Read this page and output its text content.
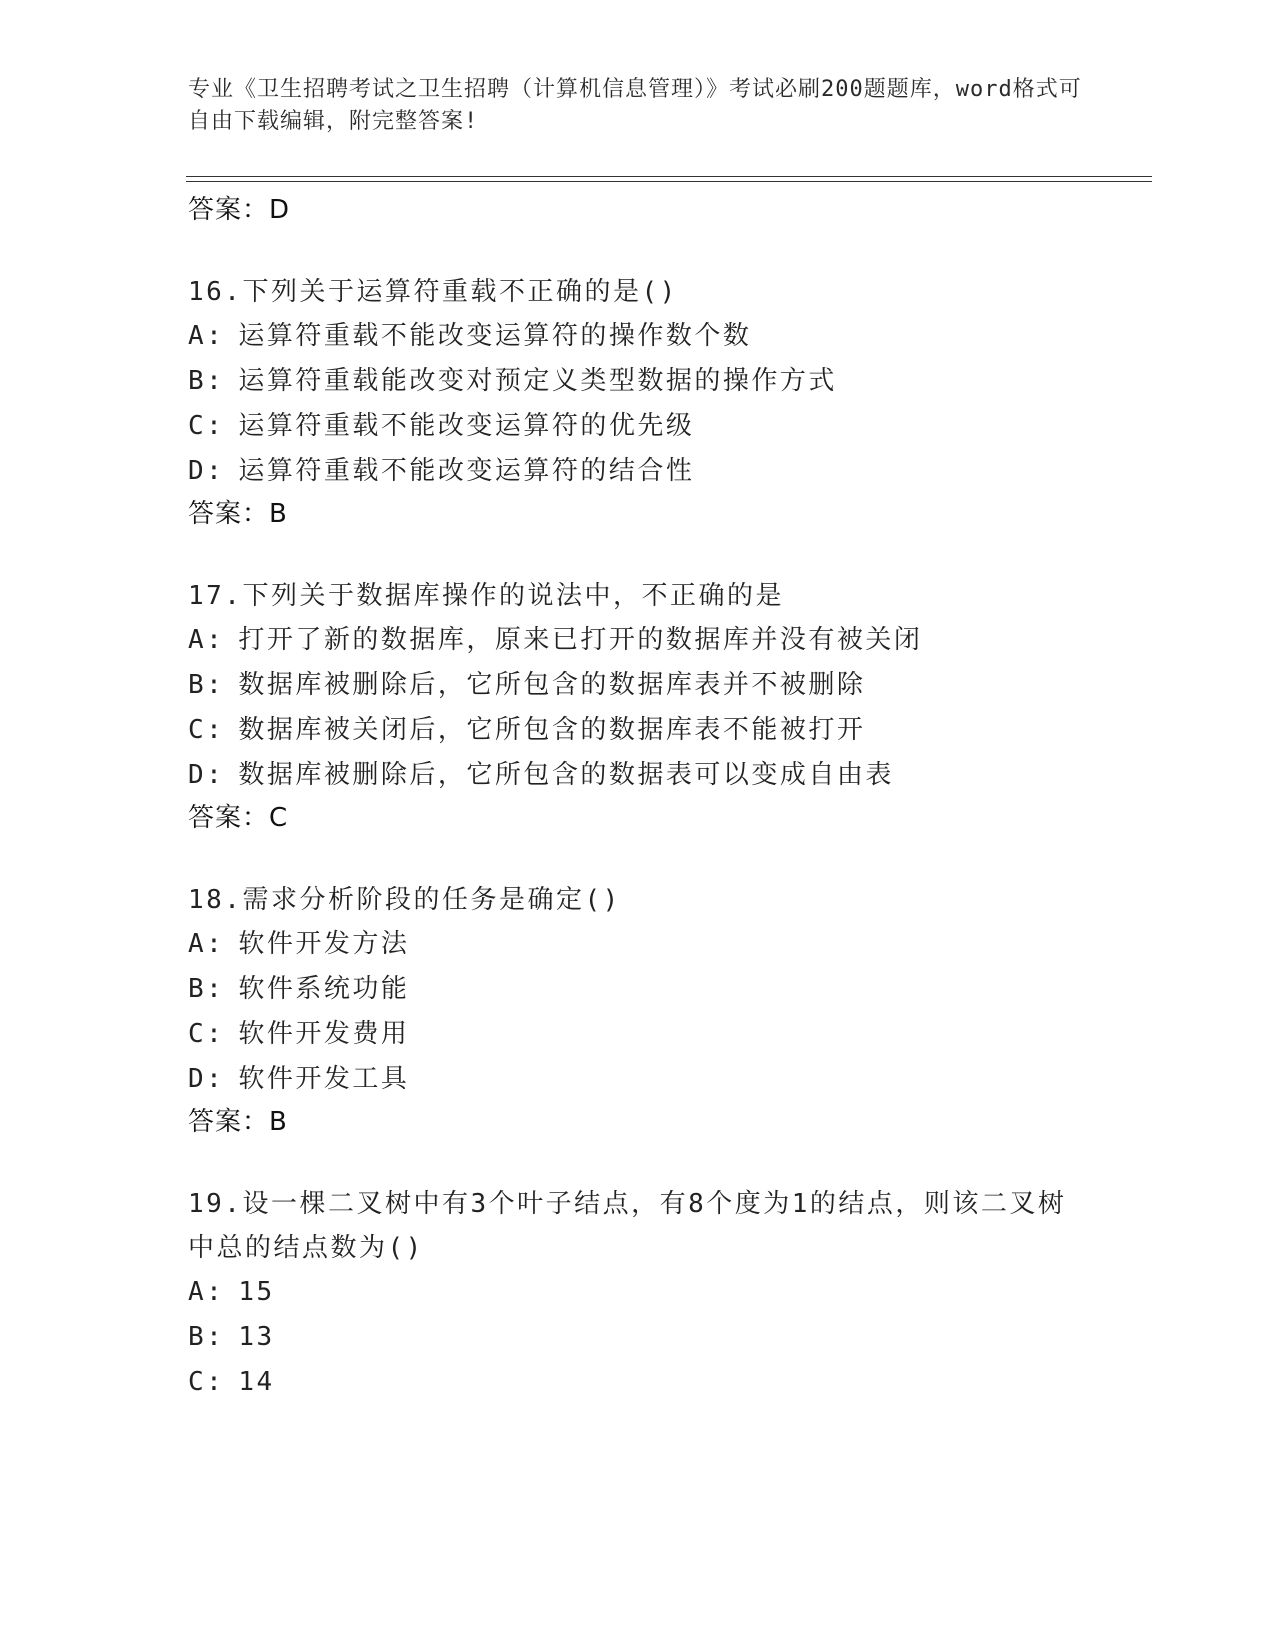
专业《卫生招聘考试之卫生招聘（计算机信息管理）》考试必刷200题题库，word格式可自由下载编辑，附完整答案!
答案：D
16.下列关于运算符重载不正确的是()
A: 运算符重载不能改变运算符的操作数个数
B: 运算符重载能改变对预定义类型数据的操作方式
C: 运算符重载不能改变运算符的优先级
D: 运算符重载不能改变运算符的结合性
答案：B
17.下列关于数据库操作的说法中，不正确的是
A: 打开了新的数据库，原来已打开的数据库并没有被关闭
B: 数据库被删除后，它所包含的数据库表并不被删除
C: 数据库被关闭后，它所包含的数据库表不能被打开
D: 数据库被删除后，它所包含的数据表可以变成自由表
答案：C
18.需求分析阶段的任务是确定()
A: 软件开发方法
B: 软件系统功能
C: 软件开发费用
D: 软件开发工具
答案：B
19.设一棵二叉树中有3个叶子结点，有8个度为1的结点，则该二叉树中总的结点数为()
A: 15
B: 13
C: 14
